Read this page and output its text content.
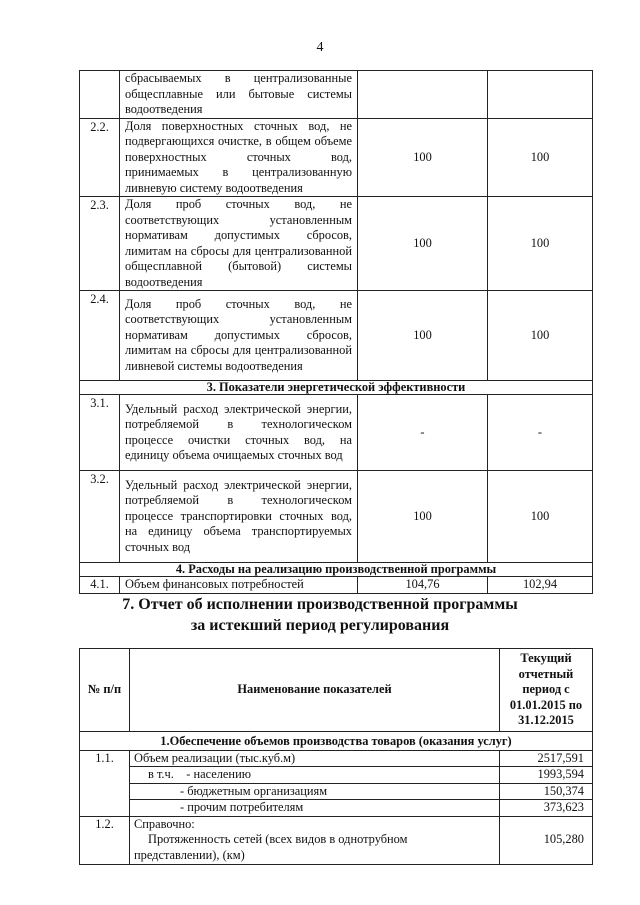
4
	сбрасываемых в централизованные общесплавные или бытовые системы водоотведения		
2.2.	Доля поверхностных сточных вод, не подвергающихся очистке, в общем объеме поверхностных сточных вод, принимаемых в централизованную ливневую систему водоотведения	100	100
2.3.	Доля проб сточных вод, не соответствующих установленным нормативам допустимых сбросов, лимитам на сбросы для централизованной общесплавной (бытовой) системы водоотведения	100	100
2.4.	Доля проб сточных вод, не соответствующих установленным нормативам допустимых сбросов, лимитам на сбросы для централизованной ливневой системы водоотведения	100	100
3. Показатели энергетической эффективности			
3.1.	Удельный расход электрической энергии, потребляемой в технологическом процессе очистки сточных вод, на единицу объема очищаемых сточных вод	-	-
3.2.	Удельный расход электрической энергии, потребляемой в технологическом процессе транспортировки сточных вод, на единицу объема транспортируемых сточных вод	100	100
4. Расходы на реализацию производственной программы			
4.1.	Объем финансовых потребностей	104,76	102,94
7. Отчет об исполнении производственной программы
за истекший период регулирования
№ п/п	Наименование показателей	Текущий отчетный период с 01.01.2015 по 31.12.2015
1.Обеспечение объемов производства товаров (оказания услуг)		
1.1.	Объем реализации (тыс.куб.м)	2517,591
	в т.ч.    - населению	1993,594
	- бюджетным организациям	150,374
	- прочим потребителям	373,623
1.2.	Справочно:
Протяженность сетей (всех видов в однотрубном представлении), (км)	105,280
